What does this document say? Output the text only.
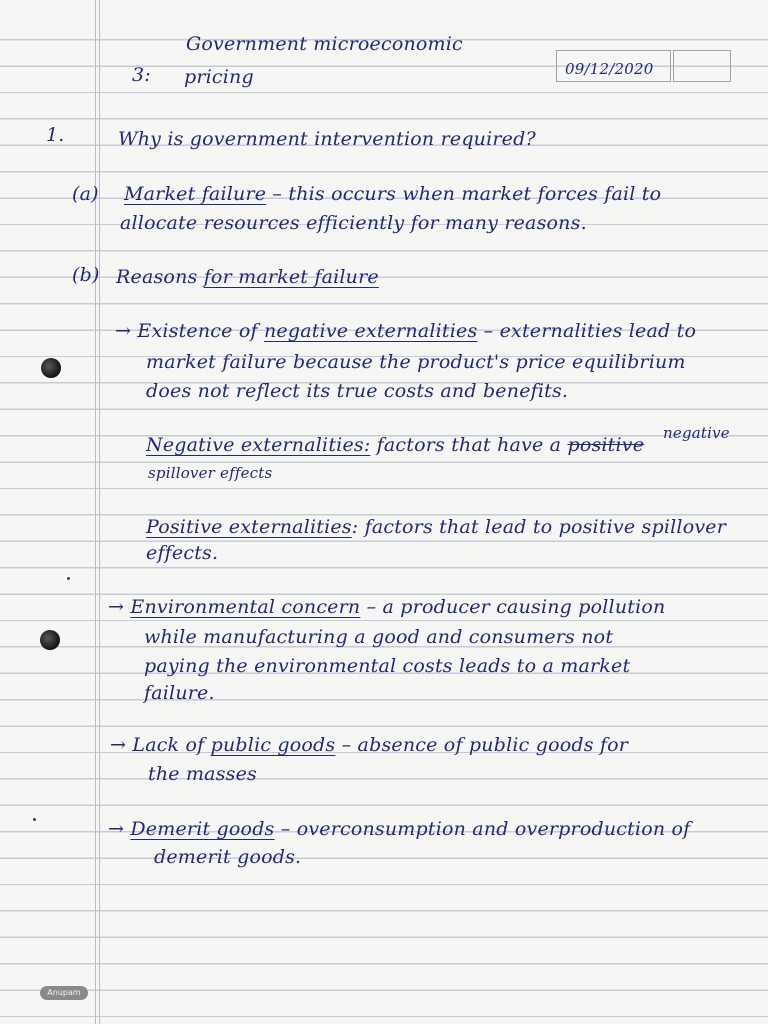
Government microeconomic
3: pricing	09/12/2020
1.	Why is government intervention required?
(a) Market failure – this occurs when market forces fail to
allocate resources efficiently for many reasons.
(b) Reasons for market failure
→ Existence of negative externalities – externalities lead to
market failure because the product's price equilibrium
does not reflect its true costs and benefits.
negative
Negative externalities: factors that have a positive
spillover effects
Positive externalities: factors that lead to positive spillover
effects.
→ Environmental concern – a producer causing pollution
while manufacturing a good and consumers not
paying the environmental costs leads to a market
failure.
→ Lack of public goods – absence of public goods for
the masses
→ Demerit goods – overconsumption and overproduction of
demerit goods.
Anupam
